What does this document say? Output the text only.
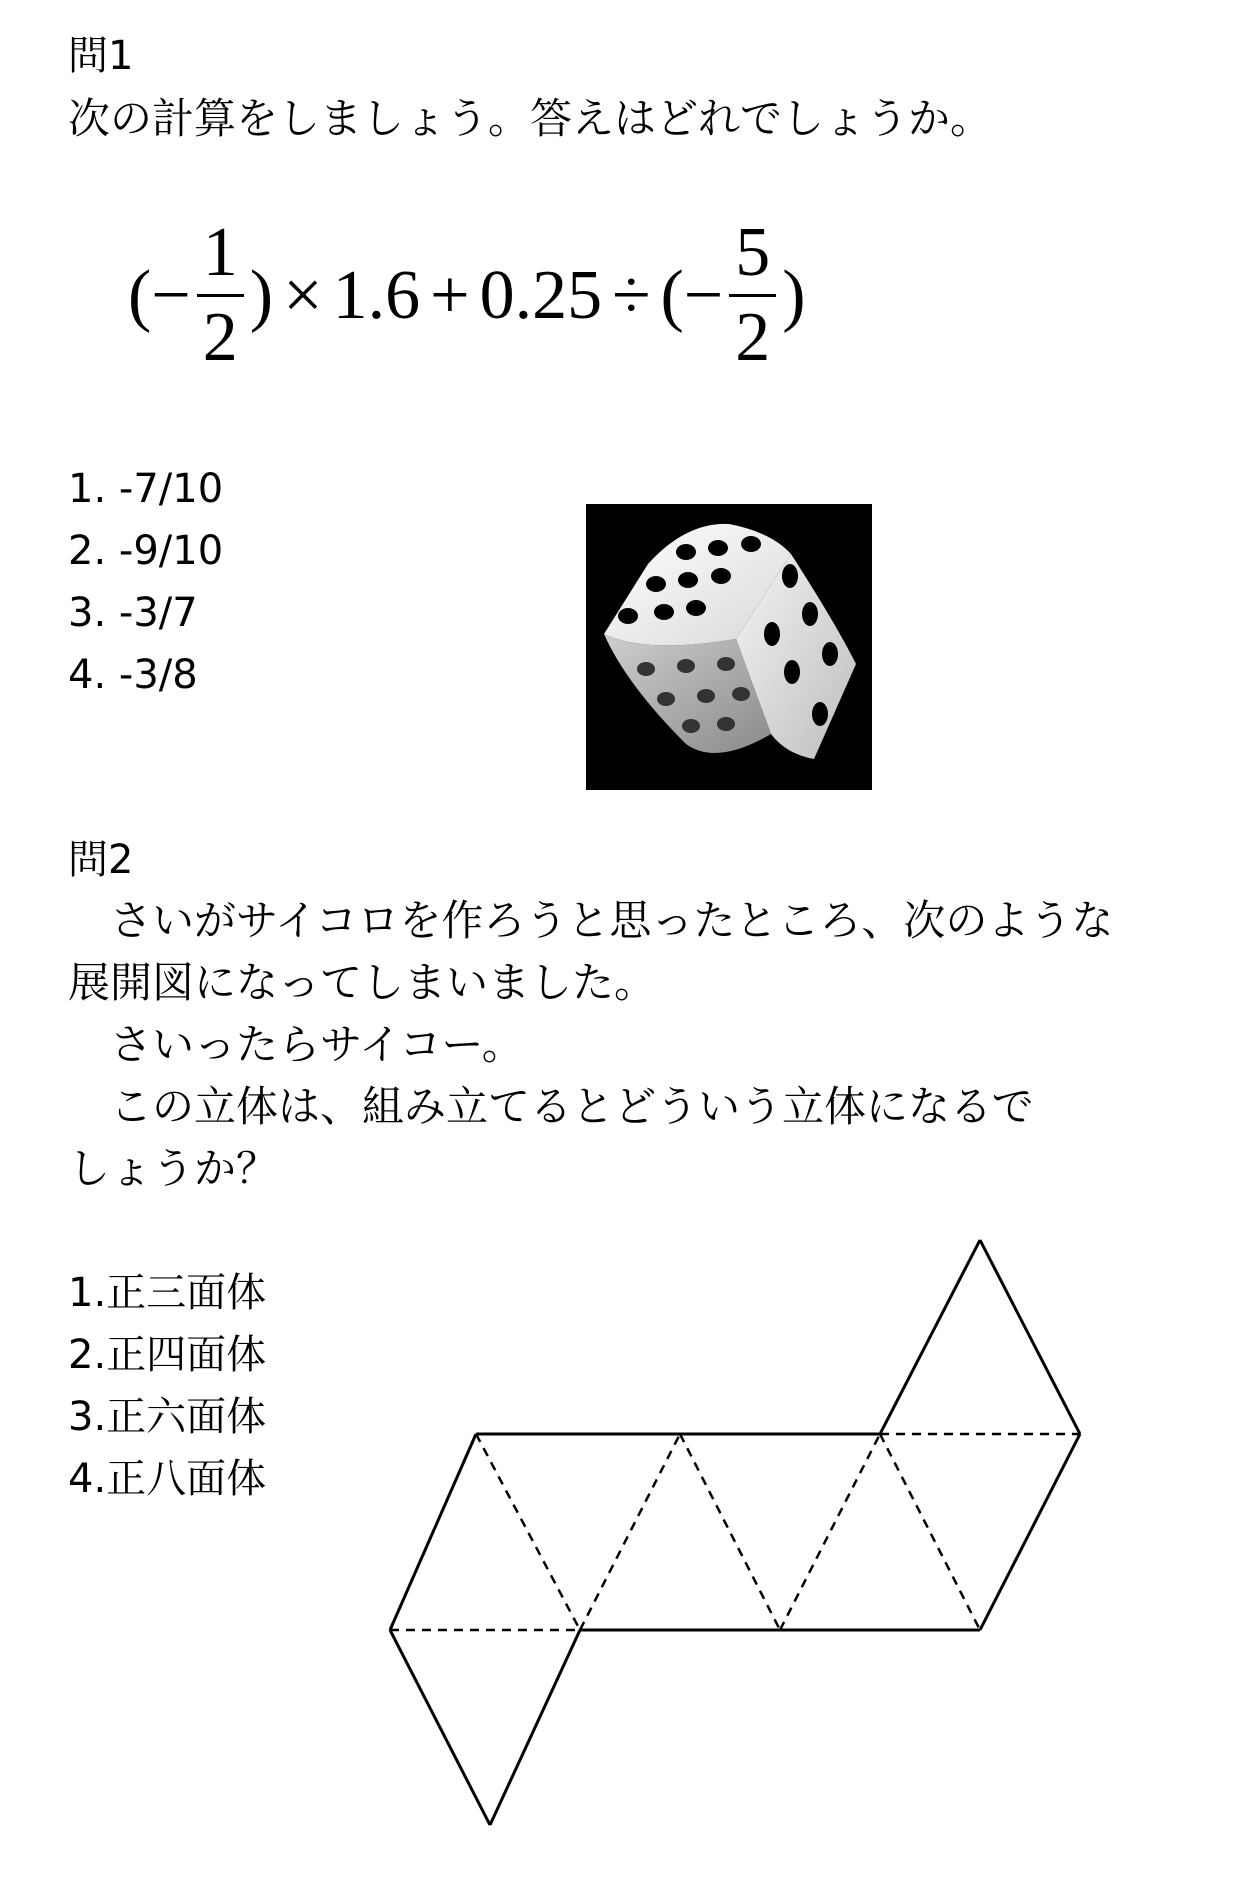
問1
次の計算をしましょう。答えはどれでしょうか。
(− $\frac{1}{2}$ ) × 1.6 + 0.25 ÷ (− $\frac{5}{2}$ )
1. -7/10
2. -9/10
3. -3/7
4. -3/8
問2
　さいがサイコロを作ろうと思ったところ、次のような
展開図になってしまいました。
　さいったらサイコー。
　この立体は、組み立てるとどういう立体になるで
しょうか？
1.正三面体
2.正四面体
3.正六面体
4.正八面体
